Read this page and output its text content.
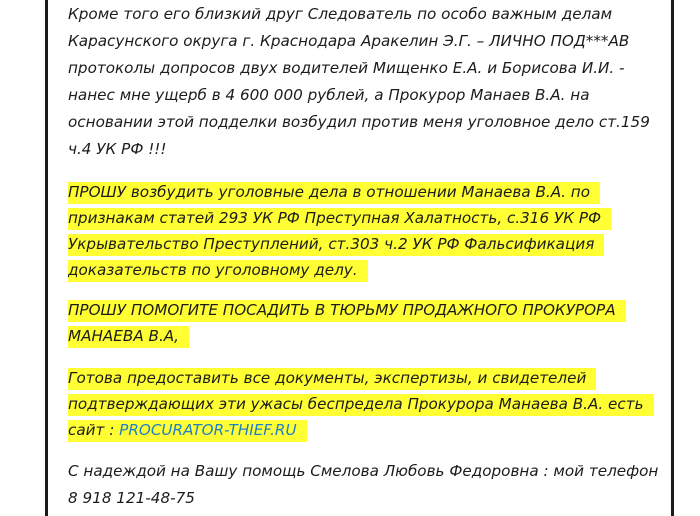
Кроме того его близкий друг Следователь по особо важным делам
Карасунского округа г. Краснодара Аракелин Э.Г. – ЛИЧНО ПОД***АВ
протоколы допросов двух водителей Мищенко Е.А. и Борисова И.И. -
нанес мне ущерб в 4 600 000 рублей, а Прокурор Манаев В.А. на
основании этой подделки возбудил против меня уголовное дело ст.159
ч.4 УК РФ !!!
ПРОШУ возбудить уголовные дела в отношении Манаева В.А. по
признакам статей 293 УК РФ Преступная Халатность, с.316 УК РФ
Укрывательство Преступлений, ст.303 ч.2 УК РФ Фальсификация
доказательств по уголовному делу.
ПРОШУ ПОМОГИТЕ ПОСАДИТЬ В ТЮРЬМУ ПРОДАЖНОГО ПРОКУРОРА
МАНАЕВА В.А,
Готова предоставить все документы, экспертизы, и свидетелей
подтверждающих эти ужасы беспредела Прокурора Манаева В.А. есть
сайт : PROCURATOR-THIEF.RU
С надеждой на Вашу помощь Смелова Любовь Федоровна : мой телефон
8 918 121-48-75
